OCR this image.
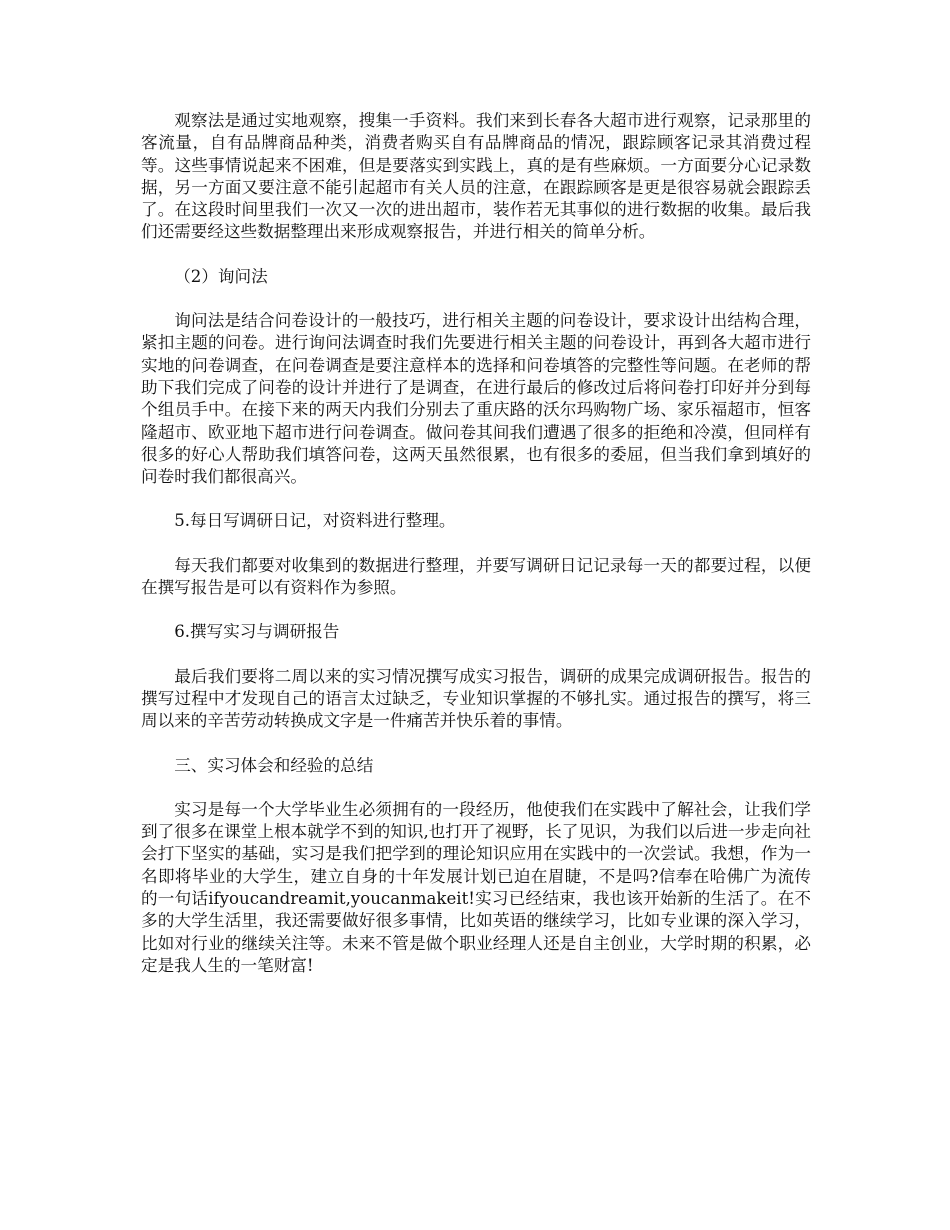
观察法是通过实地观察，搜集一手资料。我们来到长春各大超市进行观察，记录那里的客流量，自有品牌商品种类，消费者购买自有品牌商品的情况，跟踪顾客记录其消费过程等。这些事情说起来不困难，但是要落实到实践上，真的是有些麻烦。一方面要分心记录数据，另一方面又要注意不能引起超市有关人员的注意，在跟踪顾客是更是很容易就会跟踪丢了。在这段时间里我们一次又一次的进出超市，装作若无其事似的进行数据的收集。最后我们还需要经这些数据整理出来形成观察报告，并进行相关的简单分析。

（2）询问法

询问法是结合问卷设计的一般技巧，进行相关主题的问卷设计，要求设计出结构合理，紧扣主题的问卷。进行询问法调查时我们先要进行相关主题的问卷设计，再到各大超市进行实地的问卷调查，在问卷调查是要注意样本的选择和问卷填答的完整性等问题。在老师的帮助下我们完成了问卷的设计并进行了是调查，在进行最后的修改过后将问卷打印好并分到每个组员手中。在接下来的两天内我们分别去了重庆路的沃尔玛购物广场、家乐福超市，恒客隆超市、欧亚地下超市进行问卷调查。做问卷其间我们遭遇了很多的拒绝和冷漠，但同样有很多的好心人帮助我们填答问卷，这两天虽然很累，也有很多的委屈，但当我们拿到填好的问卷时我们都很高兴。

5.每日写调研日记，对资料进行整理。

每天我们都要对收集到的数据进行整理，并要写调研日记记录每一天的都要过程，以便在撰写报告是可以有资料作为参照。

6.撰写实习与调研报告

最后我们要将二周以来的实习情况撰写成实习报告，调研的成果完成调研报告。报告的撰写过程中才发现自己的语言太过缺乏，专业知识掌握的不够扎实。通过报告的撰写，将三周以来的辛苦劳动转换成文字是一件痛苦并快乐着的事情。

三、实习体会和经验的总结

实习是每一个大学毕业生必须拥有的一段经历，他使我们在实践中了解社会，让我们学到了很多在课堂上根本就学不到的知识,也打开了视野，长了见识，为我们以后进一步走向社会打下坚实的基础，实习是我们把学到的理论知识应用在实践中的一次尝试。我想，作为一名即将毕业的大学生，建立自身的十年发展计划已迫在眉睫，不是吗?信奉在哈佛广为流传的一句话ifyoucandreamit,youcanmakeit!实习已经结束，我也该开始新的生活了。在不多的大学生活里，我还需要做好很多事情，比如英语的继续学习，比如专业课的深入学习，比如对行业的继续关注等。未来不管是做个职业经理人还是自主创业，大学时期的积累，必定是我人生的一笔财富!
